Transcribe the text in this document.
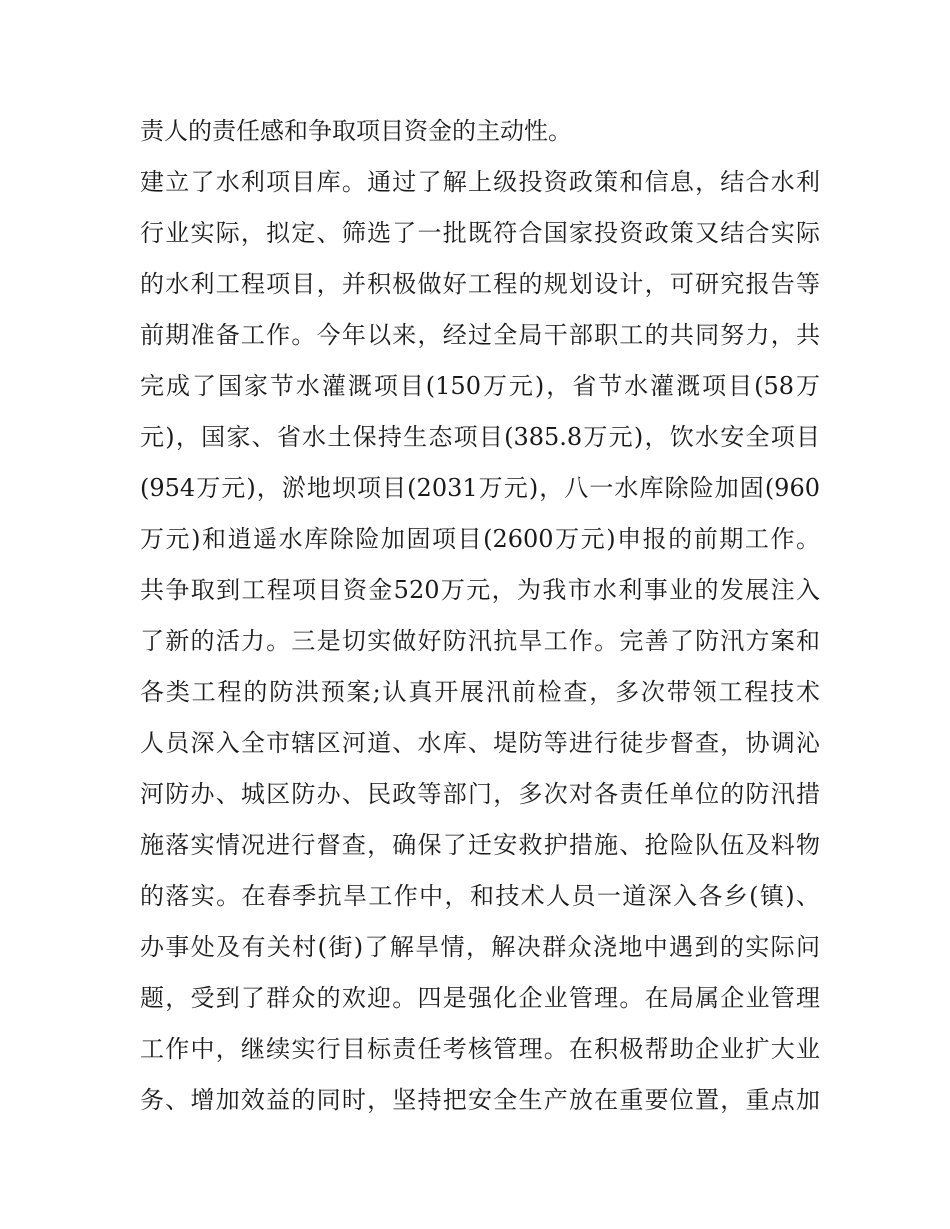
责人的责任感和争取项目资金的主动性。
建立了水利项目库。通过了解上级投资政策和信息，结合水利
行业实际，拟定、筛选了一批既符合国家投资政策又结合实际
的水利工程项目，并积极做好工程的规划设计，可研究报告等
前期准备工作。今年以来，经过全局干部职工的共同努力，共
完成了国家节水灌溉项目(150万元)，省节水灌溉项目(58万
元)，国家、省水土保持生态项目(385.8万元)，饮水安全项目
(954万元)，淤地坝项目(2031万元)，八一水库除险加固(960
万元)和逍遥水库除险加固项目(2600万元)申报的前期工作。
共争取到工程项目资金520万元，为我市水利事业的发展注入
了新的活力。三是切实做好防汛抗旱工作。完善了防汛方案和
各类工程的防洪预案;认真开展汛前检查，多次带领工程技术
人员深入全市辖区河道、水库、堤防等进行徒步督查，协调沁
河防办、城区防办、民政等部门，多次对各责任单位的防汛措
施落实情况进行督查，确保了迁安救护措施、抢险队伍及料物
的落实。在春季抗旱工作中，和技术人员一道深入各乡(镇)、
办事处及有关村(街)了解旱情，解决群众浇地中遇到的实际问
题，受到了群众的欢迎。四是强化企业管理。在局属企业管理
工作中，继续实行目标责任考核管理。在积极帮助企业扩大业
务、增加效益的同时，坚持把安全生产放在重要位置，重点加
